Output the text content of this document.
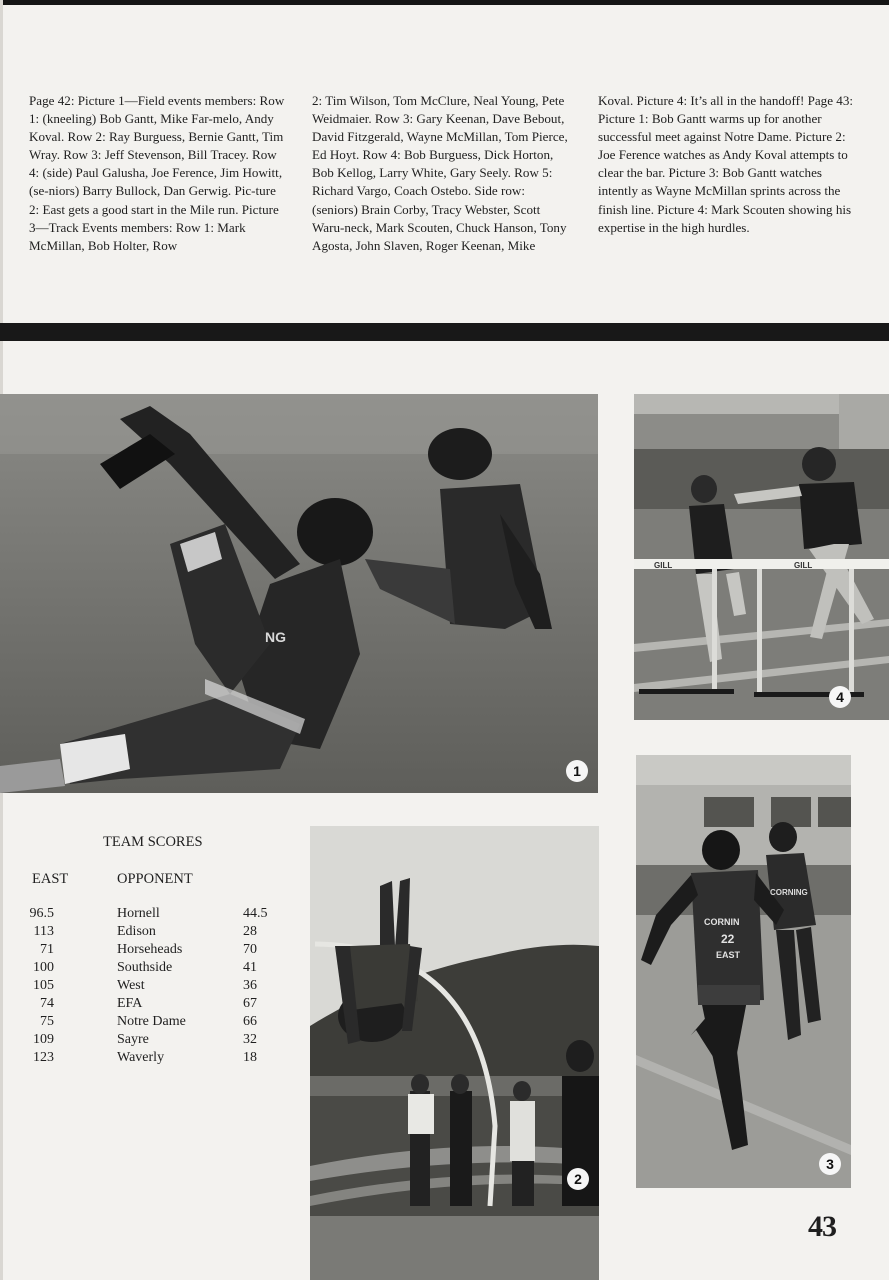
Page 42: Picture 1—Field events members: Row 1: (kneeling) Bob Gantt, Mike Far-melo, Andy Koval. Row 2: Ray Burguess, Bernie Gantt, Tim Wray. Row 3: Jeff Stevenson, Bill Tracey. Row 4: (side) Paul Galusha, Joe Ference, Jim Howitt, (se-niors) Barry Bullock, Dan Gerwig. Pic-ture 2: East gets a good start in the Mile run. Picture 3—Track Events members: Row 1: Mark McMillan, Bob Holter, Row

2: Tim Wilson, Tom McClure, Neal Young, Pete Weidmaier. Row 3: Gary Keenan, Dave Bebout, David Fitzgerald, Wayne McMillan, Tom Pierce, Ed Hoyt. Row 4: Bob Burguess, Dick Horton, Bob Kellog, Larry White, Gary Seely. Row 5: Richard Vargo, Coach Ostebo. Side row: (seniors) Brain Corby, Tracy Webster, Scott Waru-neck, Mark Scouten, Chuck Hanson, Tony Agosta, John Slaven, Roger Keenan, Mike

Koval. Picture 4: It’s all in the handoff! Page 43: Picture 1: Bob Gantt warms up for another successful meet against Notre Dame. Picture 2: Joe Ference watches as Andy Koval attempts to clear the bar. Picture 3: Bob Gantt watches intently as Wayne McMillan sprints across the finish line. Picture 4: Mark Scouten showing his expertise in the high hurdles.

NG
1
GILL	GILL
4
CORNIN
22
EAST
CORNING
3
2
TEAM SCORES
EAST	OPPONENT
96.5	Hornell	44.5
113	Edison	28
71	Horseheads	70
100	Southside	41
105	West	36
74	EFA	67
75	Notre Dame	66
109	Sayre	32
123	Waverly	18
43
